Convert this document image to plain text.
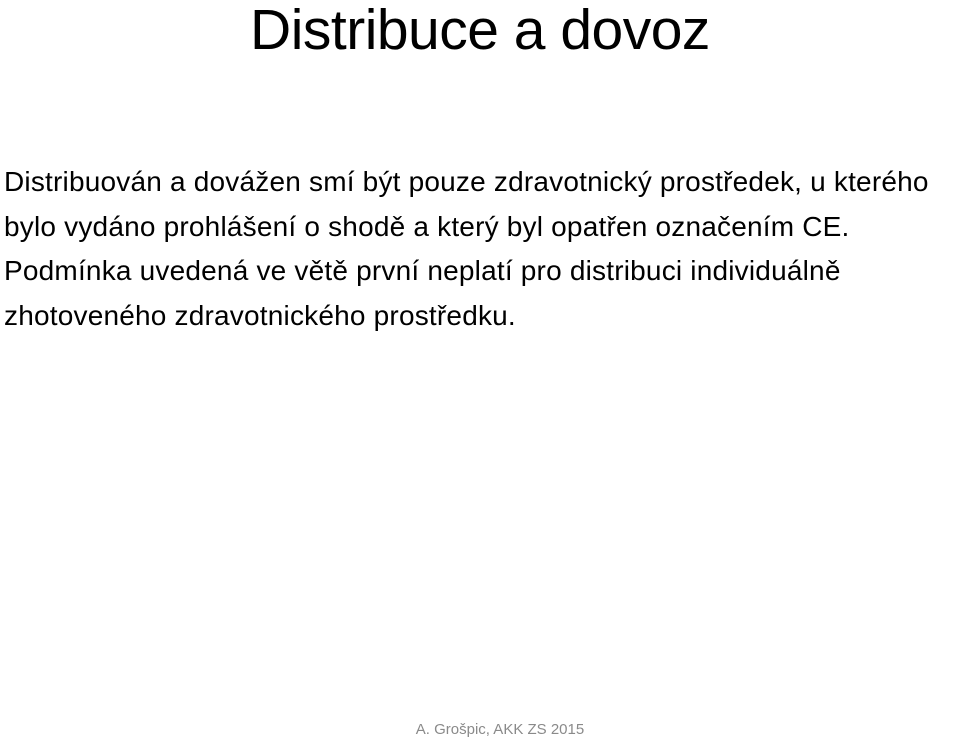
Distribuce a dovoz

Distribuován a dovážen smí být pouze zdravotnický prostředek, u kterého bylo vydáno prohlášení o shodě a který byl opatřen označením CE. Podmínka uvedená ve větě první neplatí pro distribuci individuálně zhotoveného zdravotnického prostředku.

A. Grošpic, AKK ZS 2015
